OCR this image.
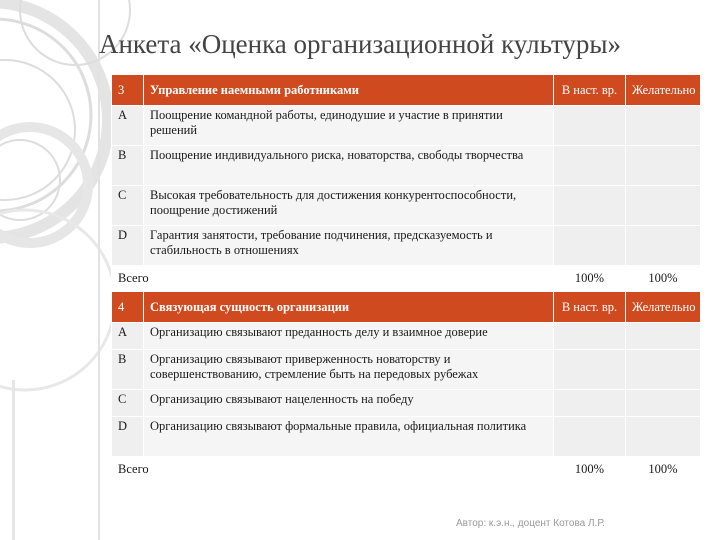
Анкета «Оценка организационной культуры»
3	Управление наемными работниками	В наст. вр.	Желательно
A	Поощрение командной работы, единодушие и участие в принятии решений		
B	Поощрение индивидуального риска, новаторства, свободы творчества		
C	Высокая требовательность для достижения конкурентоспособности, поощрение достижений		
D	Гарантия занятости, требование подчинения, предсказуемость и стабильность в отношениях		
Всего		100%	100%
4	Связующая сущность организации	В наст. вр.	Желательно
A	Организацию связывают преданность делу и взаимное доверие		
B	Организацию связывают приверженность новаторству и совершенствованию, стремление быть на передовых рубежах		
C	Организацию связывают нацеленность на победу		
D	Организацию связывают формальные правила, официальная политика		
Всего		100%	100%
Автор: к.э.н., доцент Котова Л.Р.
